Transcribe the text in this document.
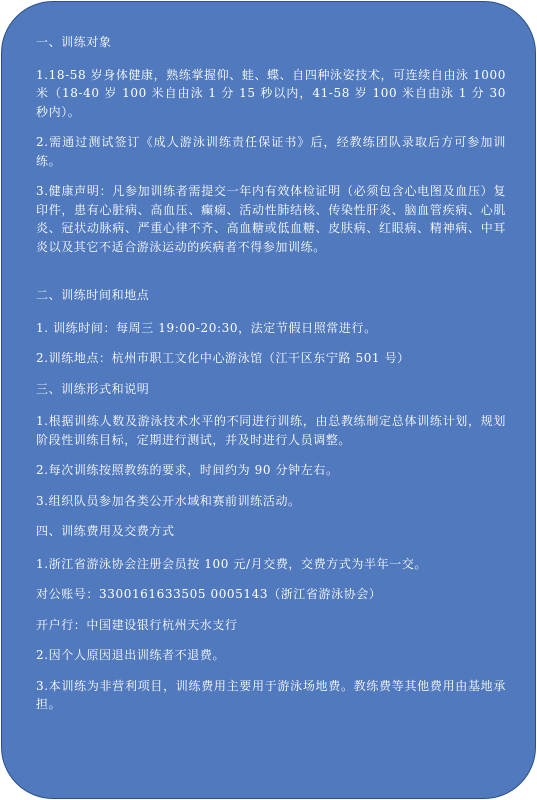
一、训练对象
1.18-58 岁身体健康，熟练掌握仰、蛙、蝶、自四种泳姿技术，可连续自由泳 1000 米（18-40 岁 100 米自由泳 1 分 15 秒以内，41-58 岁 100 米自由泳 1 分 30 秒内）。
2.需通过测试签订《成人游泳训练责任保证书》后，经教练团队录取后方可参加训练。
3.健康声明：凡参加训练者需提交一年内有效体检证明（必须包含心电图及血压）复印件，患有心脏病、高血压、癫痫、活动性肺结核、传染性肝炎、脑血管疾病、心肌炎、冠状动脉病、严重心律不齐、高血糖或低血糖、皮肤病、红眼病、精神病、中耳炎以及其它不适合游泳运动的疾病者不得参加训练。
二、训练时间和地点
1. 训练时间：每周三 19:00-20:30，法定节假日照常进行。
2.训练地点：杭州市职工文化中心游泳馆（江干区东宁路 501 号）
三、训练形式和说明
1.根据训练人数及游泳技术水平的不同进行训练，由总教练制定总体训练计划，规划阶段性训练目标，定期进行测试，并及时进行人员调整。
2.每次训练按照教练的要求，时间约为 90 分钟左右。
3.组织队员参加各类公开水域和赛前训练活动。
四、训练费用及交费方式
1.浙江省游泳协会注册会员按 100 元/月交费，交费方式为半年一交。
对公账号：3300161633505 0005143（浙江省游泳协会）
开户行：中国建设银行杭州天水支行
2.因个人原因退出训练者不退费。
3.本训练为非营利项目，训练费用主要用于游泳场地费。教练费等其他费用由基地承担。
